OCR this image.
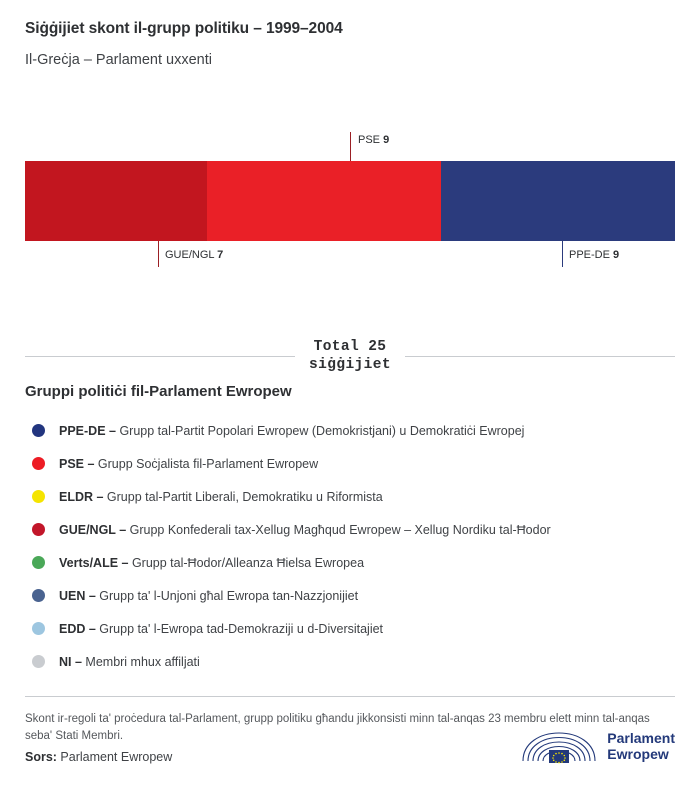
Siġġijiet skont il-grupp politiku – 1999–2004
Il-Greċja – Parlament uxxenti
PSE 9
GUE/NGL 7	PPE-DE 9
Total 25
siġġijiet
Gruppi politiċi fil-Parlament Ewropew
PPE-DE – Grupp tal-Partit Popolari Ewropew (Demokristjani) u Demokratiċi Ewropej
PSE – Grupp Soċjalista fil-Parlament Ewropew
ELDR – Grupp tal-Partit Liberali, Demokratiku u Riformista
GUE/NGL – Grupp Konfederali tax-Xellug Magħqud Ewropew – Xellug Nordiku tal-Ħodor
Verts/ALE – Grupp tal-Ħodor/Alleanza Ħielsa Ewropea
UEN – Grupp ta' l-Unjoni għal Ewropa tan-Nazzjonijiet
EDD – Grupp ta' l-Ewropa tad-Demokraziji u d-Diversitajiet
NI – Membri mhux affiljati
Skont ir-regoli ta' proċedura tal-Parlament, grupp politiku għandu jikkonsisti minn tal-anqas 23 membru elett minn tal-anqas seba' Stati Membri.
Sors: Parlament Ewropew
Parlament
Ewropew
